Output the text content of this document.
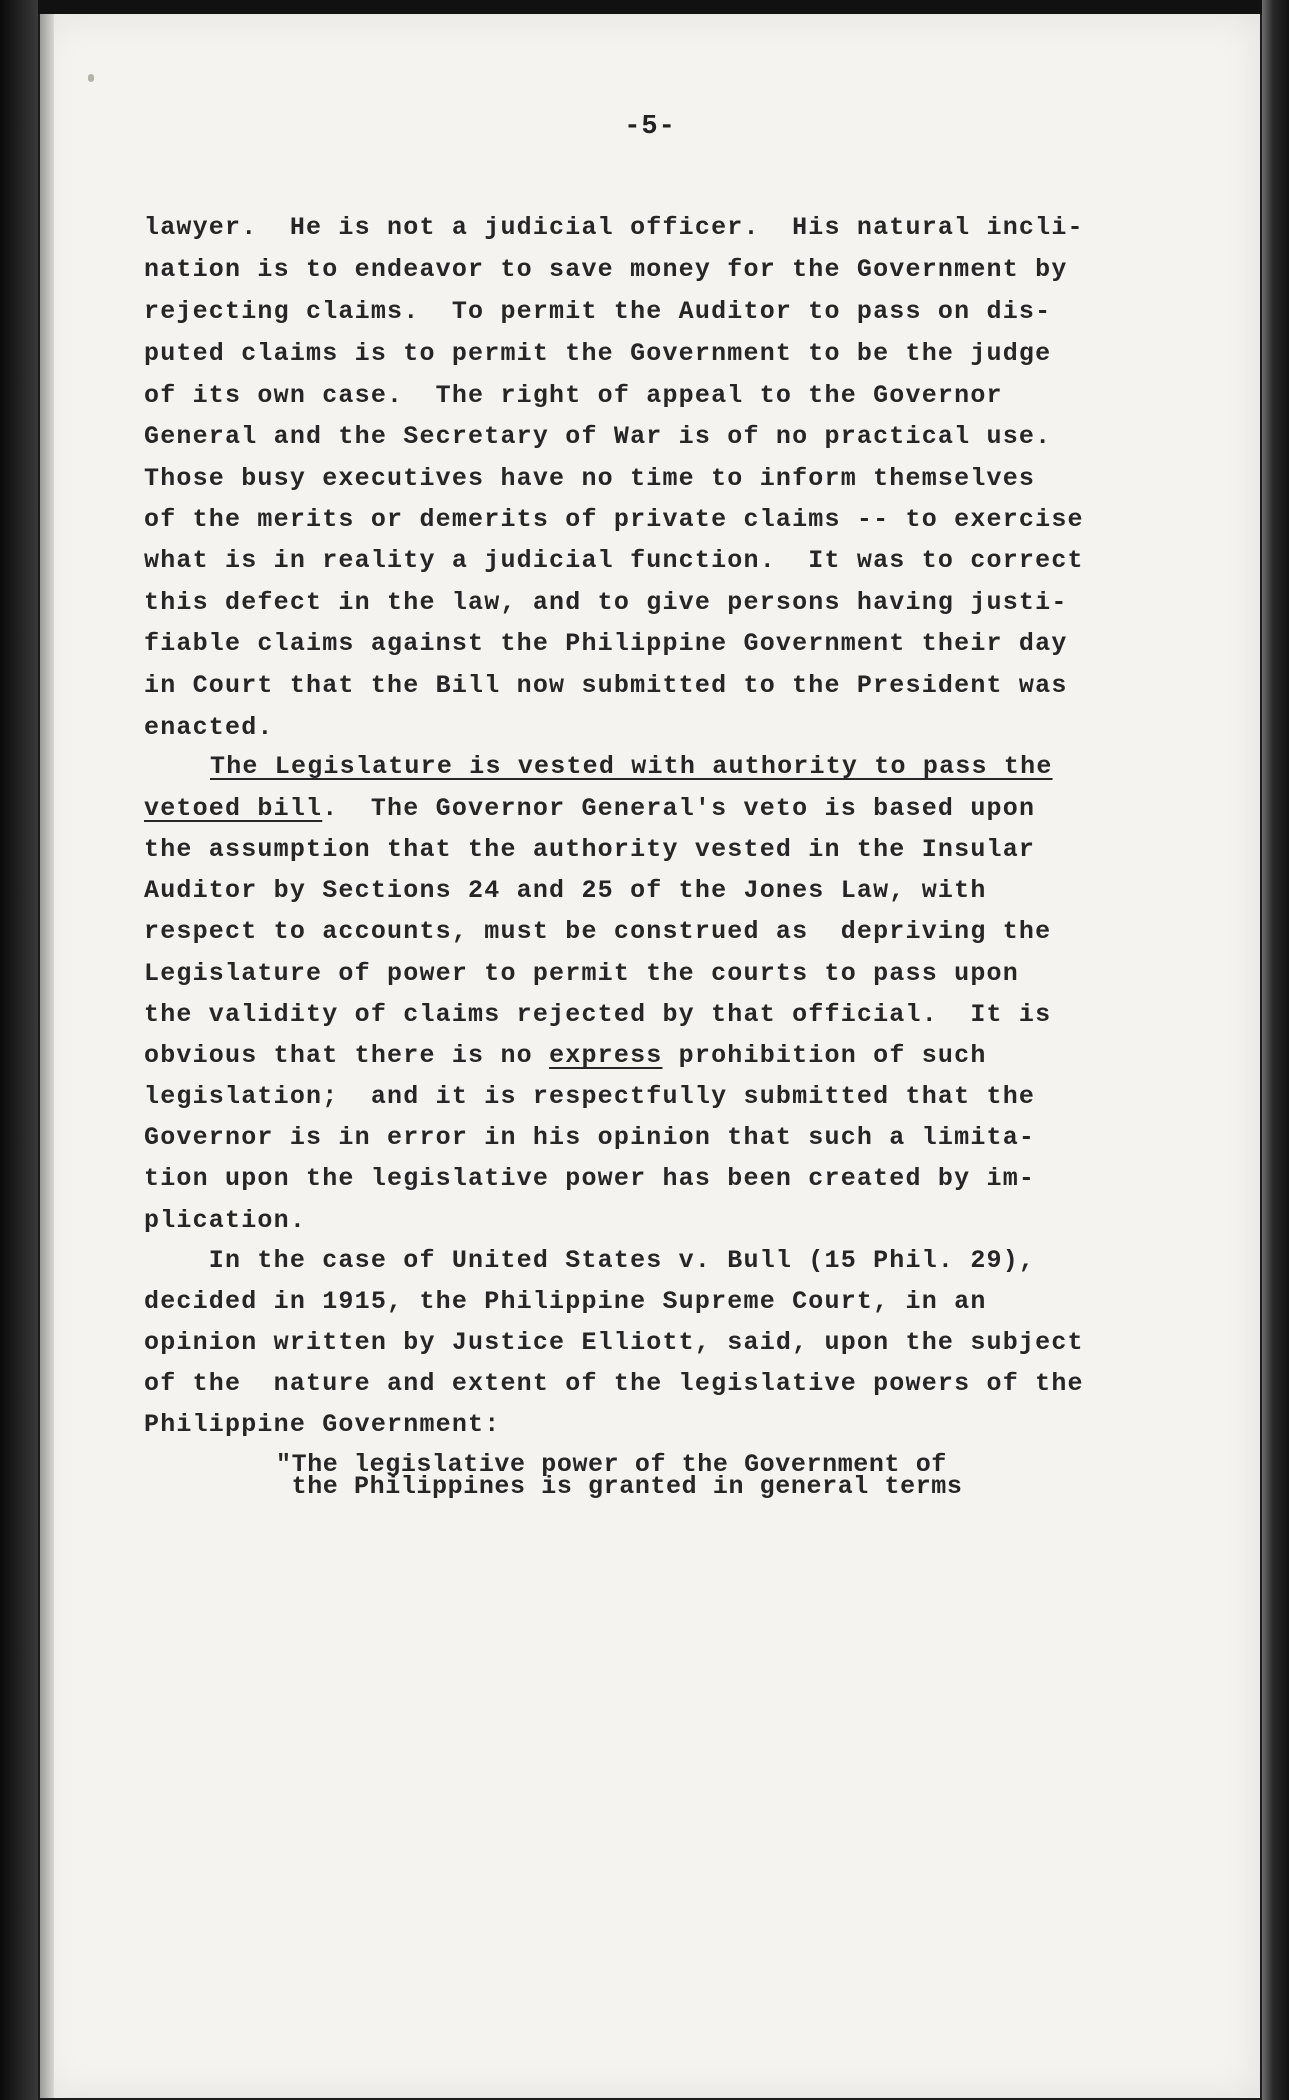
-5-
lawyer.  He is not a judicial officer.  His natural incli-
nation is to endeavor to save money for the Government by
rejecting claims.  To permit the Auditor to pass on dis-
puted claims is to permit the Government to be the judge
of its own case.  The right of appeal to the Governor
General and the Secretary of War is of no practical use.
Those busy executives have no time to inform themselves
of the merits or demerits of private claims -- to exercise
what is in reality a judicial function.  It was to correct
this defect in the law, and to give persons having justi-
fiable claims against the Philippine Government their day
in Court that the Bill now submitted to the President was
enacted.
The Legislature is vested with authority to pass the
vetoed bill.  The Governor General's veto is based upon
the assumption that the authority vested in the Insular
Auditor by Sections 24 and 25 of the Jones Law, with
respect to accounts, must be construed as  depriving the
Legislature of power to permit the courts to pass upon
the validity of claims rejected by that official.  It is
obvious that there is no express prohibition of such
legislation;  and it is respectfully submitted that the
Governor is in error in his opinion that such a limita-
tion upon the legislative power has been created by im-
plication.
In the case of United States v. Bull (15 Phil. 29),
decided in 1915, the Philippine Supreme Court, in an
opinion written by Justice Elliott, said, upon the subject
of the  nature and extent of the legislative powers of the
Philippine Government:
"The legislative power of the Government of
the Philippines is granted in general terms
